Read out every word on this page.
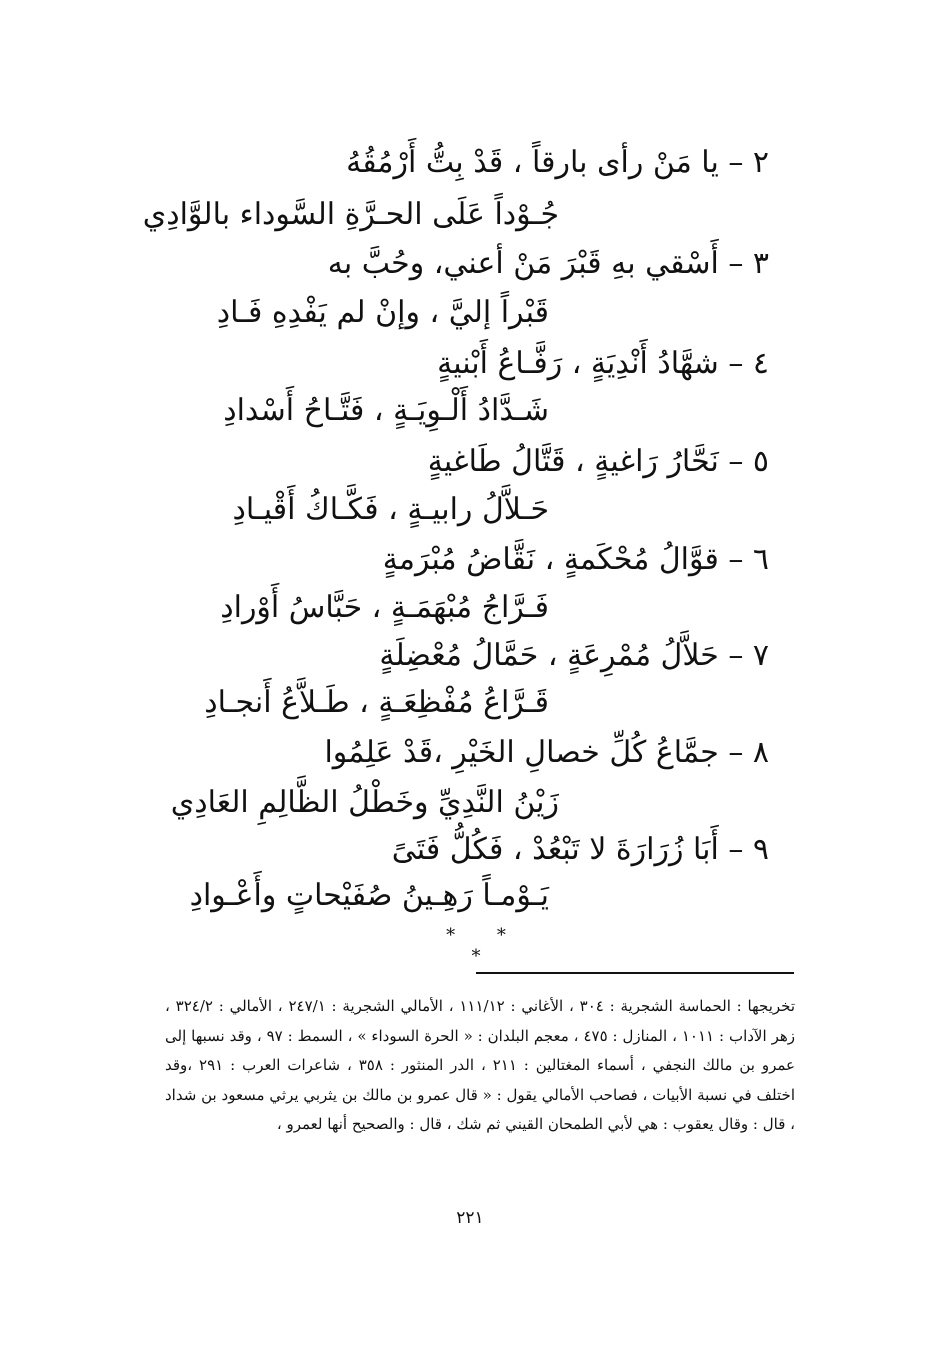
٢ – يا مَنْ رأى بارقاً ، قَدْ بِتُّ أَرْمُقُهُ
جُـوْداً عَلَى الحـرَّةِ السَّوداء بالوَّادِي
٣ – أَسْقي بهِ قَبْرَ مَنْ أعني، وحُبَّ به
قَبْراً إليَّ ، وإنْ لم يَفْدِهِ فَـادِ
٤ – شهَّادُ أَنْدِيَةٍ ، رَفَّـاعُ أَبْنيةٍ
شَـدَّادُ أَلْـوِيَـةٍ ، فَتَّـاحُ أَسْدادِ
٥ – نَحَّارُ رَاغيةٍ ، قَتَّالُ طَاغيةٍ
حَـلاَّلُ رابيـةٍ ، فَكَّـاكُ أَقْيـادِ
٦ – قوَّالُ مُحْكَمةٍ ، نَقَّاضُ مُبْرَمةٍ
فَـرَّاجُ مُبْهَمَـةٍ ، حَبَّاسُ أَوْرادِ
٧ – حَلاَّلُ مُمْرِعَةٍ ، حَمَّالُ مُعْضِلَةٍ
قَـرَّاعُ مُفْظِعَـةٍ ، طَـلاَّعُ أَنجـادِ
٨ – جمَّاعُ كُلِّ خصالِ الخَيْرِ ،قَدْ عَلِمُوا
زَيْنُ النَّدِيِّ وخَطْلُ الظَّالِمِ العَادِي
٩ – أَبَا زُرَارَةَ لا تَبْعُدْ ، فَكُلُّ فَتَىً
يَـوْمـاً رَهِـينُ صُفَيْحاتٍ وأَعْـوادِ
* * *
تخريجها : الحماسة الشجرية : ٣٠٤ ، الأغاني : ١١١/١٢ ، الأمالي الشجرية : ٢٤٧/١ ، الأمالي : ٣٢٤/٢ ، زهر الآداب : ١٠١١ ، المنازل : ٤٧٥ ، معجم البلدان : « الحرة السوداء » ، السمط : ٩٧ ، وقد نسبها إلى عمرو بن مالك النجفي ، أسماء المغتالين : ٢١١ ، الدر المنثور : ٣٥٨ ، شاعرات العرب : ٢٩١ ،وقد اختلف في نسبة الأبيات ، فصاحب الأمالي يقول : « قال عمرو بن مالك بن يثربي يرثي مسعود بن شداد ، قال : وقال يعقوب : هي لأبي الطمحان القيني ثم شك ، قال : والصحيح أنها لعمرو ،
٢٢١
